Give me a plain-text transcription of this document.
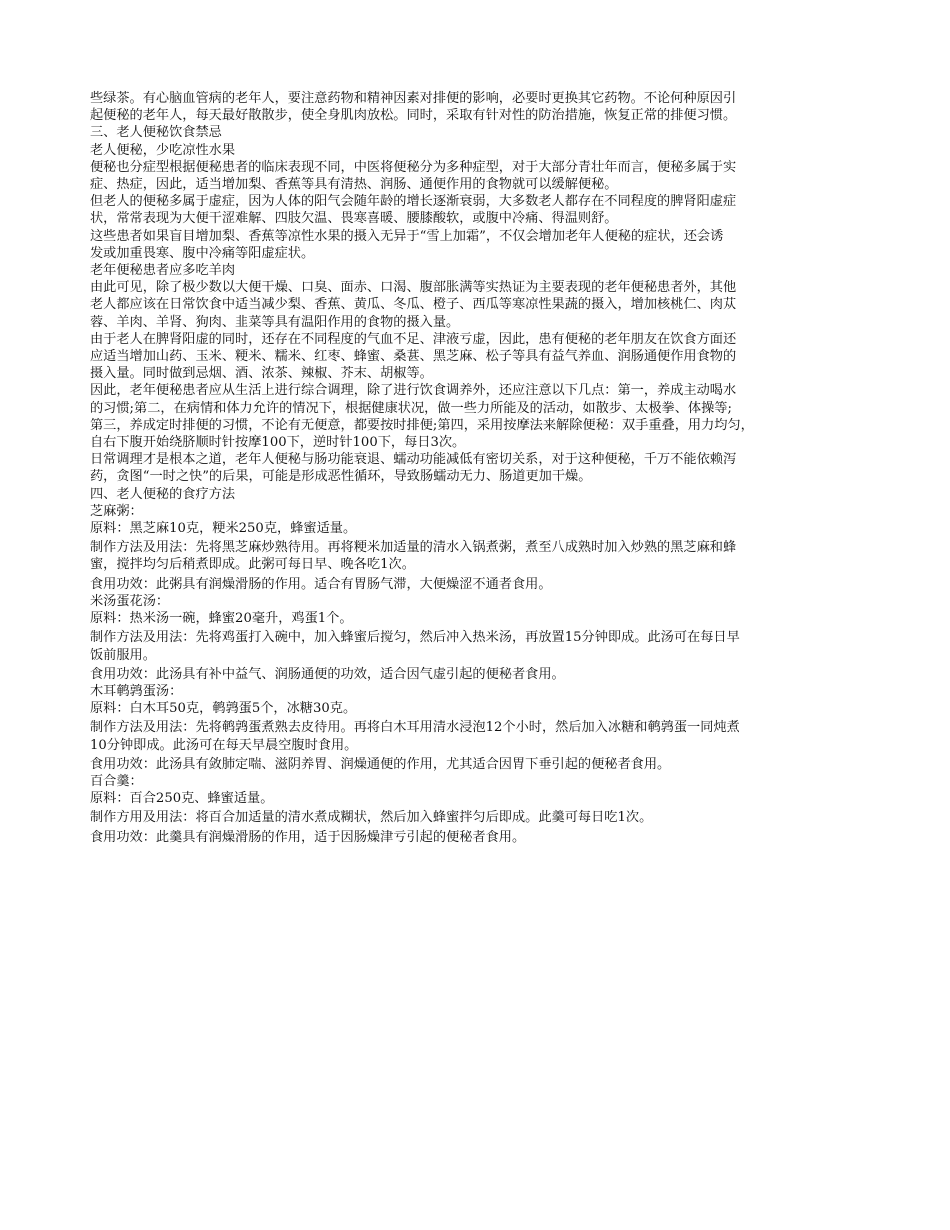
些绿茶。有心脑血管病的老年人，要注意药物和精神因素对排便的影响，必要时更换其它药物。不论何种原因引
起便秘的老年人，每天最好散散步，使全身肌肉放松。同时，采取有针对性的防治措施，恢复正常的排便习惯。
三、老人便秘饮食禁忌
老人便秘，少吃凉性水果
便秘也分症型根据便秘患者的临床表现不同，中医将便秘分为多种症型，对于大部分青壮年而言，便秘多属于实
症、热症，因此，适当增加梨、香蕉等具有清热、润肠、通便作用的食物就可以缓解便秘。
但老人的便秘多属于虚症，因为人体的阳气会随年龄的增长逐渐衰弱，大多数老人都存在不同程度的脾肾阳虚症
状，常常表现为大便干涩难解、四肢欠温、畏寒喜暖、腰膝酸软，或腹中冷痛、得温则舒。
这些患者如果盲目增加梨、香蕉等凉性水果的摄入无异于“雪上加霜”，不仅会增加老年人便秘的症状，还会诱
发或加重畏寒、腹中冷痛等阳虚症状。
老年便秘患者应多吃羊肉
由此可见，除了极少数以大便干燥、口臭、面赤、口渴、腹部胀满等实热证为主要表现的老年便秘患者外，其他
老人都应该在日常饮食中适当减少梨、香蕉、黄瓜、冬瓜、橙子、西瓜等寒凉性果蔬的摄入，增加核桃仁、肉苁
蓉、羊肉、羊肾、狗肉、韭菜等具有温阳作用的食物的摄入量。
由于老人在脾肾阳虚的同时，还存在不同程度的气血不足、津液亏虚，因此，患有便秘的老年朋友在饮食方面还
应适当增加山药、玉米、粳米、糯米、红枣、蜂蜜、桑葚、黑芝麻、松子等具有益气养血、润肠通便作用食物的
摄入量。同时做到忌烟、酒、浓茶、辣椒、芥末、胡椒等。
因此，老年便秘患者应从生活上进行综合调理，除了进行饮食调养外，还应注意以下几点：第一，养成主动喝水
的习惯;第二，在病情和体力允许的情况下，根据健康状况，做一些力所能及的活动，如散步、太极拳、体操等;
第三，养成定时排便的习惯，不论有无便意，都要按时排便;第四，采用按摩法来解除便秘：双手重叠，用力均匀，
自右下腹开始绕脐顺时针按摩100下，逆时针100下，每日3次。
日常调理才是根本之道，老年人便秘与肠功能衰退、蠕动功能减低有密切关系，对于这种便秘，千万不能依赖泻
药，贪图“一时之快”的后果，可能是形成恶性循环，导致肠蠕动无力、肠道更加干燥。
四、老人便秘的食疗方法
芝麻粥：
原料：黑芝麻10克，粳米250克，蜂蜜适量。
制作方法及用法：先将黑芝麻炒熟待用。再将粳米加适量的清水入锅煮粥，煮至八成熟时加入炒熟的黑芝麻和蜂
蜜，搅拌均匀后稍煮即成。此粥可每日早、晚各吃1次。
食用功效：此粥具有润燥滑肠的作用。适合有胃肠气滞，大便燥涩不通者食用。
米汤蛋花汤：
原料：热米汤一碗，蜂蜜20毫升，鸡蛋1个。
制作方法及用法：先将鸡蛋打入碗中，加入蜂蜜后搅匀，然后冲入热米汤，再放置15分钟即成。此汤可在每日早
饭前服用。
食用功效：此汤具有补中益气、润肠通便的功效，适合因气虚引起的便秘者食用。
木耳鹌鹑蛋汤：
原料：白木耳50克，鹌鹑蛋5个，冰糖30克。
制作方法及用法：先将鹌鹑蛋煮熟去皮待用。再将白木耳用清水浸泡12个小时，然后加入冰糖和鹌鹑蛋一同炖煮
10分钟即成。此汤可在每天早晨空腹时食用。
食用功效：此汤具有敛肺定喘、滋阴养胃、润燥通便的作用，尤其适合因胃下垂引起的便秘者食用。
百合羹：
原料：百合250克、蜂蜜适量。
制作方用及用法：将百合加适量的清水煮成糊状，然后加入蜂蜜拌匀后即成。此羹可每日吃1次。
食用功效：此羹具有润燥滑肠的作用，适于因肠燥津亏引起的便秘者食用。
